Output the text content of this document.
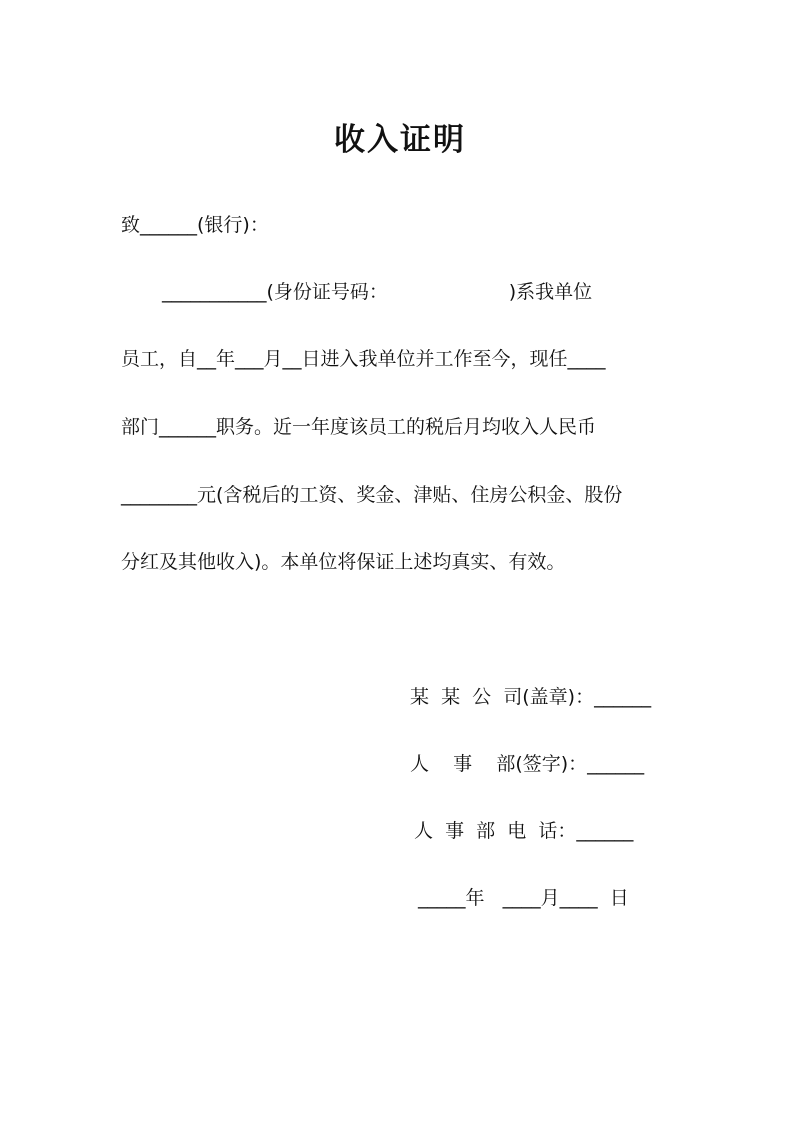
收入证明
致______(银行)：
___________(身份证号码：                    )系我单位
员工，自__年___月__日进入我单位并工作至今，现任____
部门______职务。近一年度该员工的税后月均收入人民币
________元(含税后的工资、奖金、津贴、住房公积金、股份
分红及其他收入)。本单位将保证上述均真实、有效。
某  某  公  司(盖章)：______
人    事    部(签字)：______
人  事  部  电  话：______
_____年   ____月____  日
